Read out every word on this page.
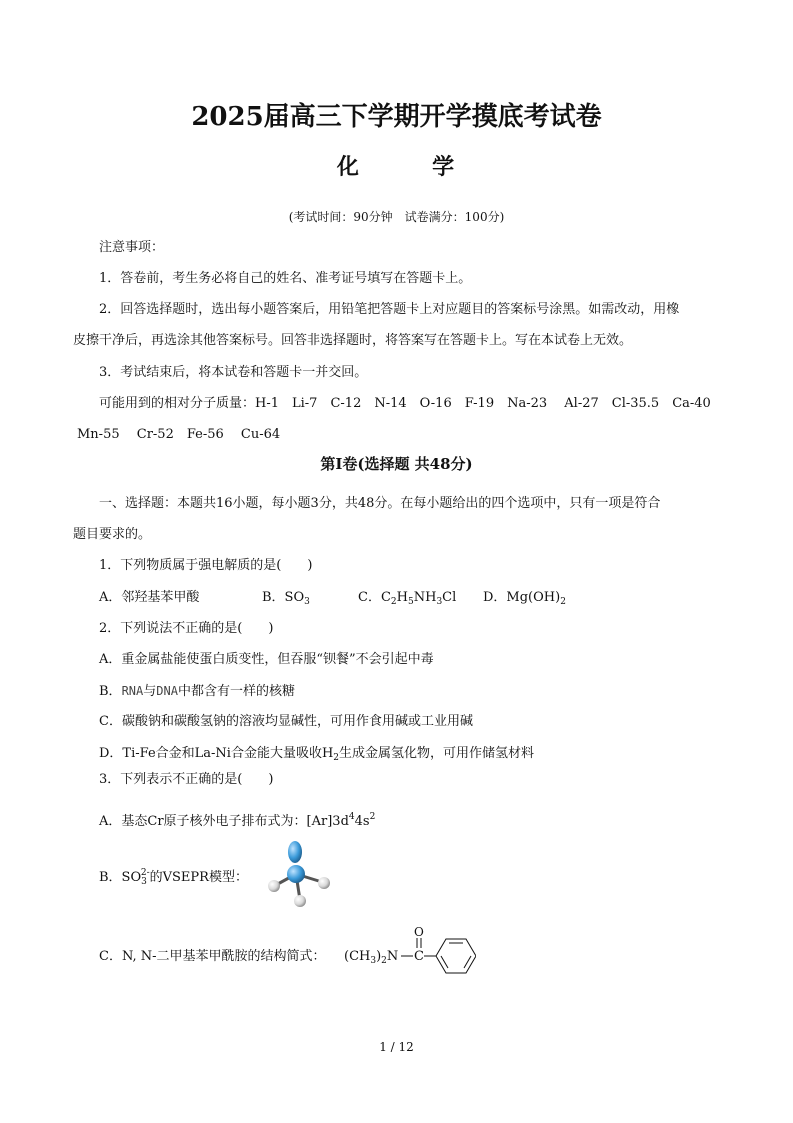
2025届高三下学期开学摸底考试卷
化	学
(考试时间：90分钟　试卷满分：100分)
注意事项：
1．答卷前，考生务必将自己的姓名、准考证号填写在答题卡上。
2．回答选择题时，选出每小题答案后，用铅笔把答题卡上对应题目的答案标号涂黑。如需改动，用橡
皮擦干净后，再选涂其他答案标号。回答非选择题时，将答案写在答题卡上。写在本试卷上无效。
3．考试结束后，将本试卷和答题卡一并交回。
可能用到的相对分子质量：H-1　Li-7　C-12　N-14　O-16　F-19　Na-23　 Al-27　Cl-35.5　Ca-40
Mn-55　 Cr-52　Fe-56　 Cu-64
第Ⅰ卷(选择题 共48分)
一、选择题：本题共16小题，每小题3分，共48分。在每小题给出的四个选项中，只有一项是符合
题目要求的。
1．下列物质属于强电解质的是(　　)
A．邻羟基苯甲酸	B．$SO_3$	C．$C_2H_5NH_3Cl$ D．$Mg(OH)_2$
2．下列说法不正确的是(　　)
A．重金属盐能使蛋白质变性，但吞服“钡餐”不会引起中毒
B．RNA与DNA中都含有一样的核糖
C．碳酸钠和碳酸氢钠的溶液均显碱性，可用作食用碱或工业用碱
D．Ti-Fe合金和La-Ni合金能大量吸收$H_2$生成金属氢化物，可用作储氢材料
3．下列表示不正确的是(　　)
A．基态Cr原子核外电子排布式为：$[Ar]3d^44s^2$
B．$SO_3^{2-}$的VSEPR模型：
C．N, N-二甲基苯甲酰胺的结构简式： $(CH_3)_2N$ C
O
1 / 12
